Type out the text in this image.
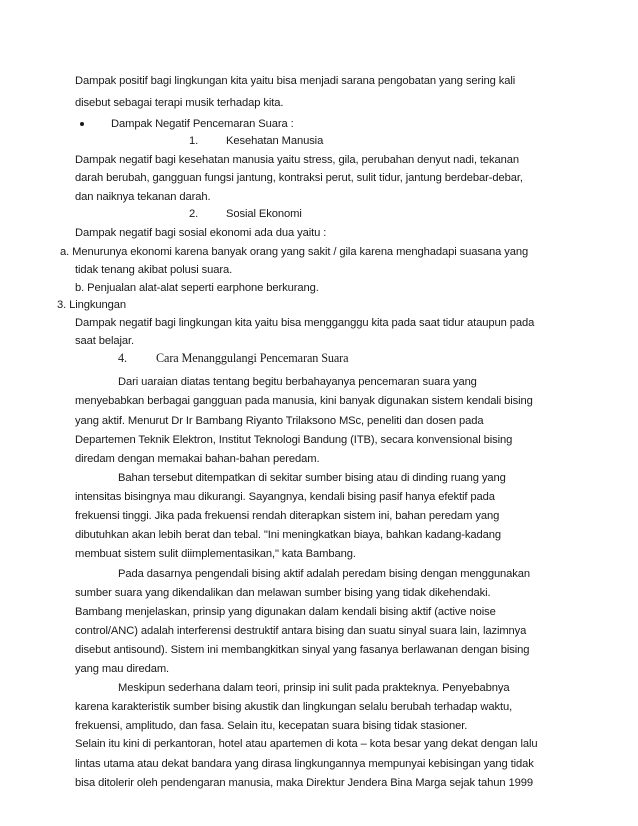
Dampak positif bagi lingkungan kita yaitu bisa menjadi sarana pengobatan yang sering kali
disebut sebagai terapi musik terhadap kita.
Dampak Negatif Pencemaran Suara :
1. Kesehatan Manusia
Dampak negatif bagi kesehatan manusia yaitu stress, gila, perubahan denyut nadi, tekanan
darah berubah, gangguan fungsi jantung, kontraksi perut, sulit tidur, jantung berdebar-debar,
dan naiknya tekanan darah.
2. Sosial Ekonomi
Dampak negatif bagi sosial ekonomi ada dua yaitu :
a. Menurunya ekonomi karena banyak orang yang sakit / gila karena menghadapi suasana yang
tidak tenang akibat polusi suara.
b. Penjualan alat-alat seperti earphone berkurang.
3. Lingkungan
Dampak negatif bagi lingkungan kita yaitu bisa mengganggu kita pada saat tidur ataupun pada
saat belajar.
4. Cara Menanggulangi Pencemaran Suara
Dari uaraian diatas tentang begitu berbahayanya pencemaran suara yang
menyebabkan berbagai gangguan pada manusia, kini banyak digunakan sistem kendali bising
yang aktif. Menurut Dr Ir Bambang Riyanto Trilaksono MSc, peneliti dan dosen pada
Departemen Teknik Elektron, Institut Teknologi Bandung (ITB), secara konvensional bising
diredam dengan memakai bahan-bahan peredam.
Bahan tersebut ditempatkan di sekitar sumber bising atau di dinding ruang yang
intensitas bisingnya mau dikurangi. Sayangnya, kendali bising pasif hanya efektif pada
frekuensi tinggi. Jika pada frekuensi rendah diterapkan sistem ini, bahan peredam yang
dibutuhkan akan lebih berat dan tebal. "Ini meningkatkan biaya, bahkan kadang-kadang
membuat sistem sulit diimplementasikan," kata Bambang.
Pada dasarnya pengendali bising aktif adalah peredam bising dengan menggunakan
sumber suara yang dikendalikan dan melawan sumber bising yang tidak dikehendaki.
Bambang menjelaskan, prinsip yang digunakan dalam kendali bising aktif (active noise
control/ANC) adalah interferensi destruktif antara bising dan suatu sinyal suara lain, lazimnya
disebut antisound). Sistem ini membangkitkan sinyal yang fasanya berlawanan dengan bising
yang mau diredam.
Meskipun sederhana dalam teori, prinsip ini sulit pada prakteknya. Penyebabnya
karena karakteristik sumber bising akustik dan lingkungan selalu berubah terhadap waktu,
frekuensi, amplitudo, dan fasa. Selain itu, kecepatan suara bising tidak stasioner.
Selain itu kini di perkantoran, hotel atau apartemen di kota – kota besar yang dekat dengan lalu
lintas utama atau dekat bandara yang dirasa lingkungannya mempunyai kebisingan yang tidak
bisa ditolerir oleh pendengaran manusia, maka Direktur Jendera Bina Marga sejak tahun 1999
